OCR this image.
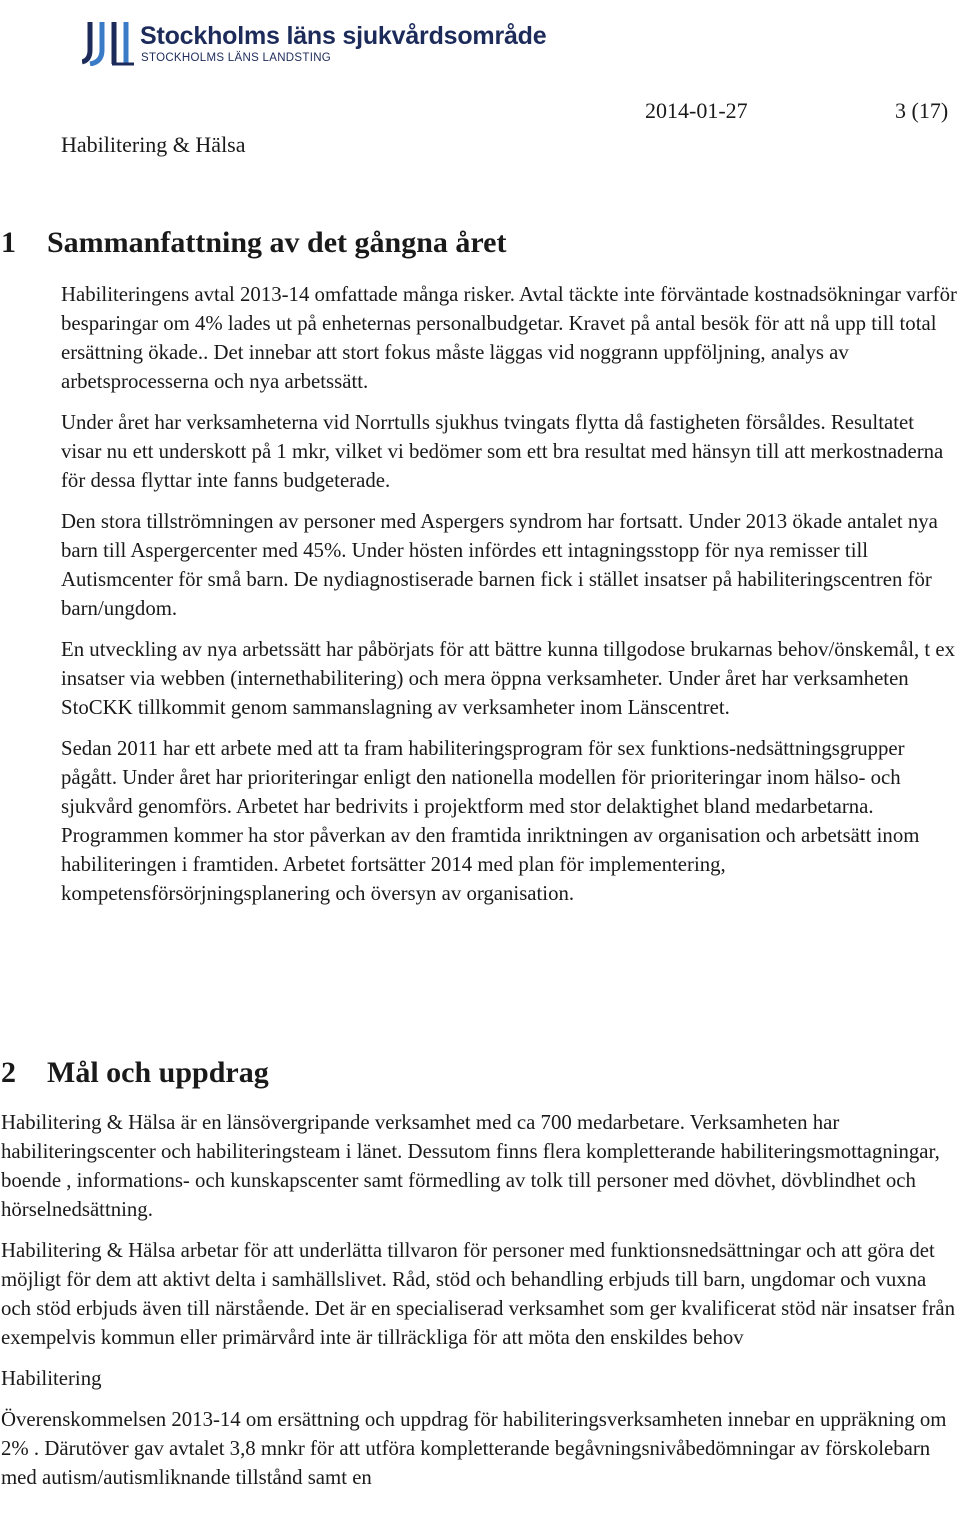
Stockholms läns sjukvårdsområde
STOCKHOLMS LÄNS LANDSTING
2014-01-27	3 (17)
Habilitering & Hälsa
1 Sammanfattning av det gångna året

Habiliteringens avtal 2013-14 omfattade många risker. Avtal täckte inte förväntade kostnadsökningar varför besparingar om 4% lades ut på enheternas personalbudgetar. Kravet på antal besök för att nå upp till total ersättning ökade.. Det innebar att stort fokus måste läggas vid noggrann uppföljning, analys av arbetsprocesserna och nya arbetssätt.

Under året har verksamheterna vid Norrtulls sjukhus tvingats flytta då fastigheten försåldes. Resultatet visar nu ett underskott på 1 mkr, vilket vi bedömer som ett bra resultat med hänsyn till att merkostnaderna för dessa flyttar inte fanns budgeterade.

Den stora tillströmningen av personer med Aspergers syndrom har fortsatt. Under 2013 ökade antalet nya barn till Aspergercenter med 45%. Under hösten infördes ett intagningsstopp för nya remisser till Autismcenter för små barn. De nydiagnostiserade barnen fick i stället insatser på habiliteringscentren för barn/ungdom.

En utveckling av nya arbetssätt har påbörjats för att bättre kunna tillgodose brukarnas behov/önskemål, t ex insatser via webben (internethabilitering) och mera öppna verksamheter. Under året har verksamheten StoCKK tillkommit genom sammanslagning av verksamheter inom Länscentret.

Sedan 2011 har ett arbete med att ta fram habiliteringsprogram för sex funktions-nedsättningsgrupper pågått. Under året har prioriteringar enligt den nationella modellen för prioriteringar inom hälso- och sjukvård genomförs. Arbetet har bedrivits i projektform med stor delaktighet bland medarbetarna. Programmen kommer ha stor påverkan av den framtida inriktningen av organisation och arbetsätt inom habiliteringen i framtiden. Arbetet fortsätter 2014 med plan för implementering, kompetensförsörjningsplanering och översyn av organisation.

2 Mål och uppdrag

Habilitering & Hälsa är en länsövergripande verksamhet med ca 700 medarbetare. Verksamheten har habiliteringscenter och habiliteringsteam i länet. Dessutom finns flera kompletterande habiliteringsmottagningar, boende , informations- och kunskapscenter samt förmedling av tolk till personer med dövhet, dövblindhet och hörselnedsättning.

Habilitering & Hälsa arbetar för att underlätta tillvaron för personer med funktionsnedsättningar och att göra det möjligt för dem att aktivt delta i samhällslivet. Råd, stöd och behandling erbjuds till barn, ungdomar och vuxna och stöd erbjuds även till närstående. Det är en specialiserad verksamhet som ger kvalificerat stöd när insatser från exempelvis kommun eller primärvård inte är tillräckliga för att möta den enskildes behov

Habilitering

Överenskommelsen 2013-14 om ersättning och uppdrag för habiliteringsverksamheten innebar en uppräkning om 2% . Därutöver gav avtalet 3,8 mnkr för att utföra kompletterande begåvningsnivåbedömningar av förskolebarn med autism/autismliknande tillstånd samt en
